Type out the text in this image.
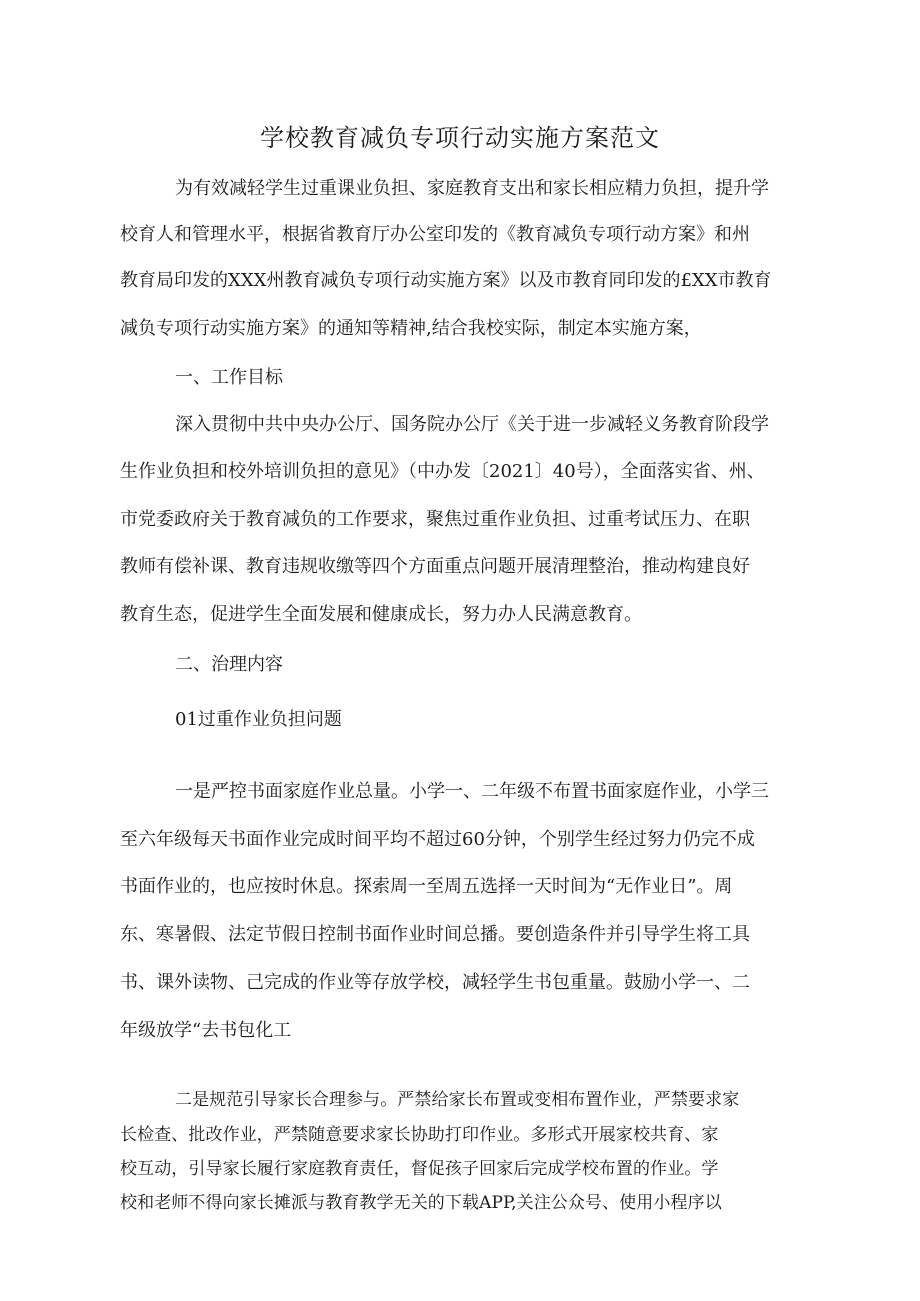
学校教育减负专项行动实施方案范文

为有效减轻学生过重课业负担、家庭教育支出和家长相应精力负担，提升学

校育人和管理水平，根据省教育厅办公室印发的《教育减负专项行动方案》和州

教育局印发的XXX州教育减负专项行动实施方案》以及市教育同印发的£XX市教育

减负专项行动实施方案》的通知等精神,结合我校实际，制定本实施方案，

一、工作目标

深入贯彻中共中央办公厅、国务院办公厅《关于进一步减轻义务教育阶段学

生作业负担和校外培训负担的意见》（中办发〔2021〕40号），全面落实省、州、

市党委政府关于教育减负的工作要求，聚焦过重作业负担、过重考试压力、在职

教师有偿补课、教育违规收缴等四个方面重点问题开展清理整治，推动构建良好

教育生态，促进学生全面发展和健康成长，努力办人民满意教育。

二、治理内容

01过重作业负担问题

一是严控书面家庭作业总量。小学一、二年级不布置书面家庭作业，小学三

至六年级每天书面作业完成时间平均不超过60分钟，个别学生经过努力仍完不成

书面作业的，也应按时休息。探索周一至周五选择一天时间为“无作业日”。周

东、寒暑假、法定节假日控制书面作业时间总播。要创造条件并引导学生将工具

书、课外读物、己完成的作业等存放学校，减轻学生书包重量。鼓励小学一、二

年级放学“去书包化工

二是规范引导家长合理参与。严禁给家长布置或变相布置作业，严禁要求家

长检查、批改作业，严禁随意要求家长协助打印作业。多形式开展家校共育、家

校互动，引导家长履行家庭教育责任，督促孩子回家后完成学校布置的作业。学

校和老师不得向家长摊派与教育教学无关的下载APP,关注公众号、使用小程序以
